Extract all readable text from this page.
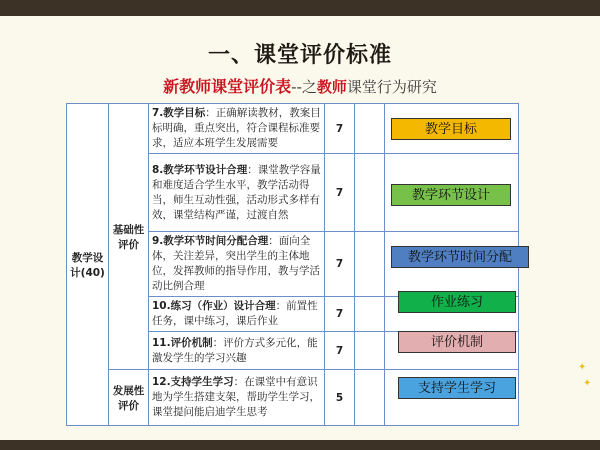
一、课堂评价标准
新教师课堂评价表--之教师课堂行为研究
教学设计(40)	基础性评价	7.教学目标：正确解读教材，教案目标明确，重点突出，符合课程标准要求，适应本班学生发展需要	7		
		8.教学环节设计合理：课堂教学容量和难度适合学生水平，教学活动得当，师生互动性强，活动形式多样有效，课堂结构严谨，过渡自然	7		
		9.教学环节时间分配合理：面向全体，关注差异，突出学生的主体地位，发挥教师的指导作用，教与学活动比例合理	7		
		10.练习（作业）设计合理：前置性任务，课中练习，课后作业	7		
		11.评价机制：评价方式多元化，能激发学生的学习兴趣	7		
	发展性评价	12.支持学生学习：在课堂中有意识地为学生搭建支架，帮助学生学习，课堂提问能启迪学生思考	5		
教学目标
教学环节设计
教学环节时间分配
作业练习
评价机制
支持学生学习
✦
✦
